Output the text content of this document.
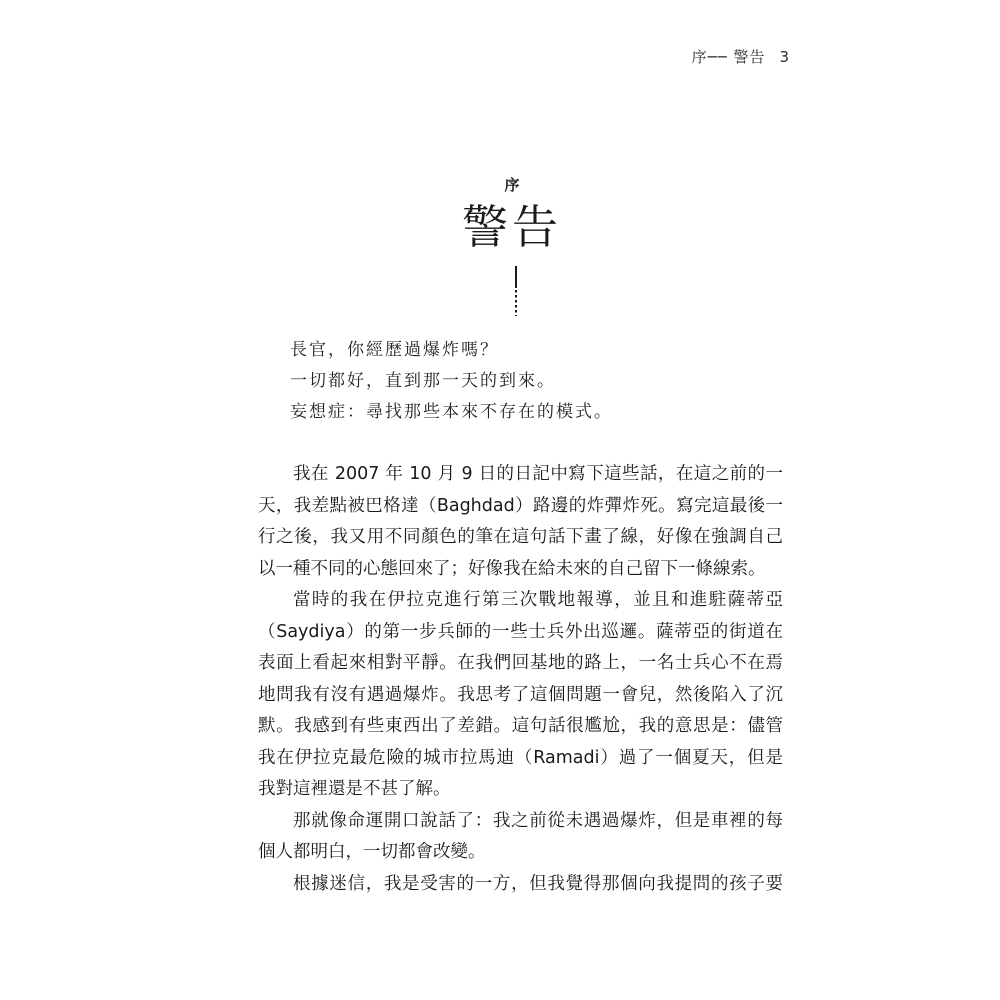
序── 警告 3
序
警告
長官，你經歷過爆炸嗎？
一切都好，直到那一天的到來。
妄想症：尋找那些本來不存在的模式。
我在 2007 年 10 月 9 日的日記中寫下這些話，在這之前的一
天，我差點被巴格達（Baghdad）路邊的炸彈炸死。寫完這最後一
行之後，我又用不同顏色的筆在這句話下畫了線，好像在強調自己
以一種不同的心態回來了；好像我在給未來的自己留下一條線索。
當時的我在伊拉克進行第三次戰地報導，並且和進駐薩蒂亞
（Saydiya）的第一步兵師的一些士兵外出巡邏。薩蒂亞的街道在
表面上看起來相對平靜。在我們回基地的路上，一名士兵心不在焉
地問我有沒有遇過爆炸。我思考了這個問題一會兒，然後陷入了沉
默。我感到有些東西出了差錯。這句話很尷尬，我的意思是：儘管
我在伊拉克最危險的城市拉馬迪（Ramadi）過了一個夏天，但是
我對這裡還是不甚了解。
那就像命運開口說話了：我之前從未遇過爆炸，但是車裡的每
個人都明白，一切都會改變。
根據迷信，我是受害的一方，但我覺得那個向我提問的孩子要
